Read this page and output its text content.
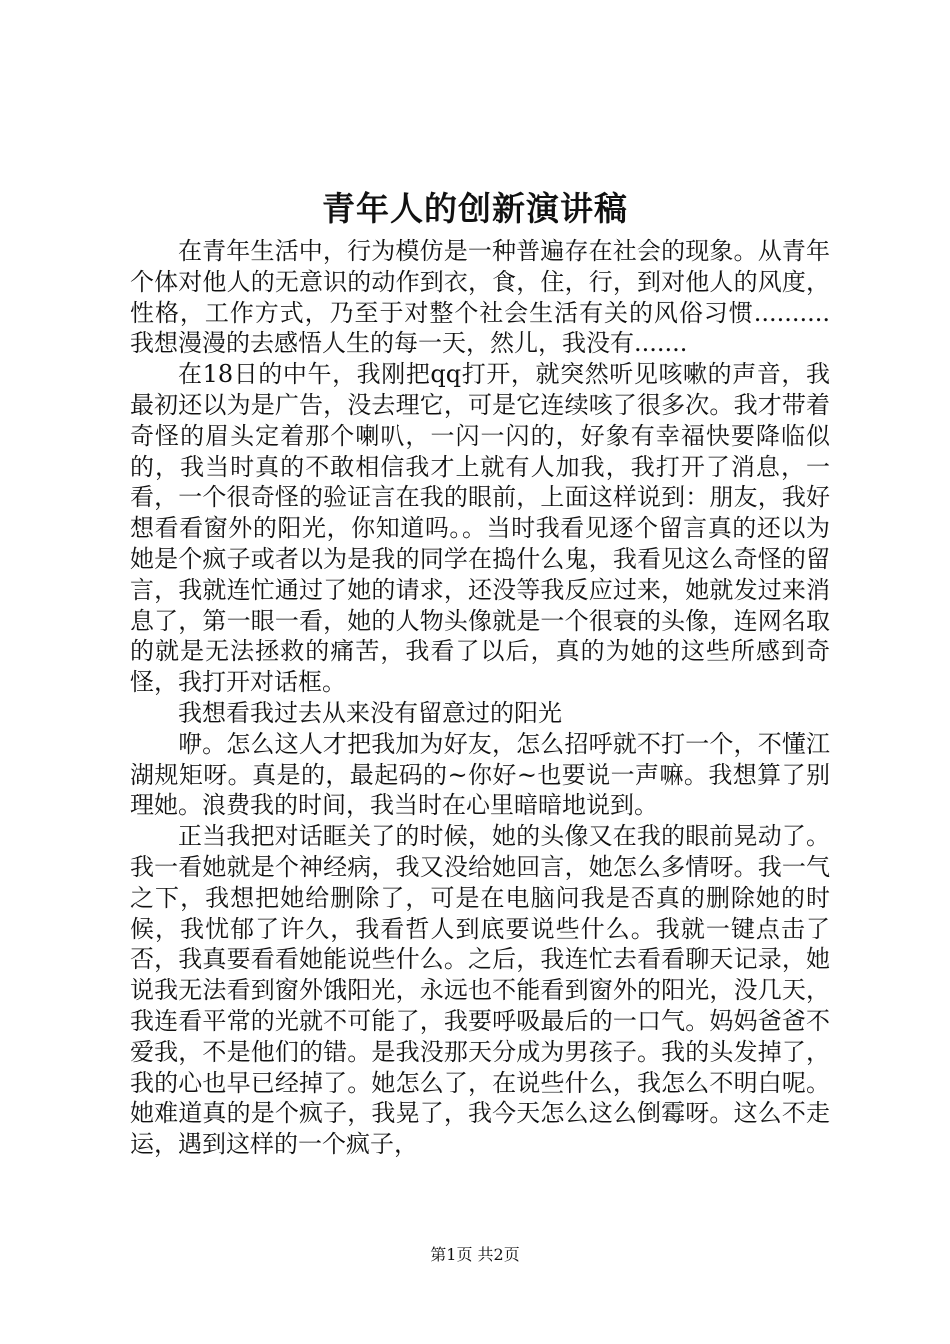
青年人的创新演讲稿

在青年生活中，行为模仿是一种普遍存在社会的现象。从青年个体对他人的无意识的动作到衣，食，住，行，到对他人的风度，性格，工作方式，乃至于对整个社会生活有关的风俗习惯..........我想漫漫的去感悟人生的每一天，然儿，我没有.......

在18日的中午，我刚把qq打开，就突然听见咳嗽的声音，我最初还以为是广告，没去理它，可是它连续咳了很多次。我才带着奇怪的眉头定着那个喇叭，一闪一闪的，好象有幸福快要降临似的，我当时真的不敢相信我才上就有人加我，我打开了消息，一看，一个很奇怪的验证言在我的眼前，上面这样说到：朋友，我好想看看窗外的阳光，你知道吗。。当时我看见逐个留言真的还以为她是个疯子或者以为是我的同学在捣什么鬼，我看见这么奇怪的留言，我就连忙通过了她的请求，还没等我反应过来，她就发过来消息了，第一眼一看，她的人物头像就是一个很衰的头像，连网名取的就是无法拯救的痛苦，我看了以后，真的为她的这些所感到奇怪，我打开对话框。

我想看我过去从来没有留意过的阳光

咿。怎么这人才把我加为好友，怎么招呼就不打一个，不懂江湖规矩呀。真是的，最起码的~你好~也要说一声嘛。我想算了别理她。浪费我的时间，我当时在心里暗暗地说到。

正当我把对话眶关了的时候，她的头像又在我的眼前晃动了。我一看她就是个神经病，我又没给她回言，她怎么多情呀。我一气之下，我想把她给删除了，可是在电脑问我是否真的删除她的时候，我忧郁了许久，我看哲人到底要说些什么。我就一键点击了否，我真要看看她能说些什么。之后，我连忙去看看聊天记录，她说我无法看到窗外饿阳光，永远也不能看到窗外的阳光，没几天，我连看平常的光就不可能了，我要呼吸最后的一口气。妈妈爸爸不爱我，不是他们的错。是我没那天分成为男孩子。我的头发掉了，我的心也早已经掉了。她怎么了，在说些什么，我怎么不明白呢。她难道真的是个疯子，我晃了，我今天怎么这么倒霉呀。这么不走运，遇到这样的一个疯子，

第1页 共2页
